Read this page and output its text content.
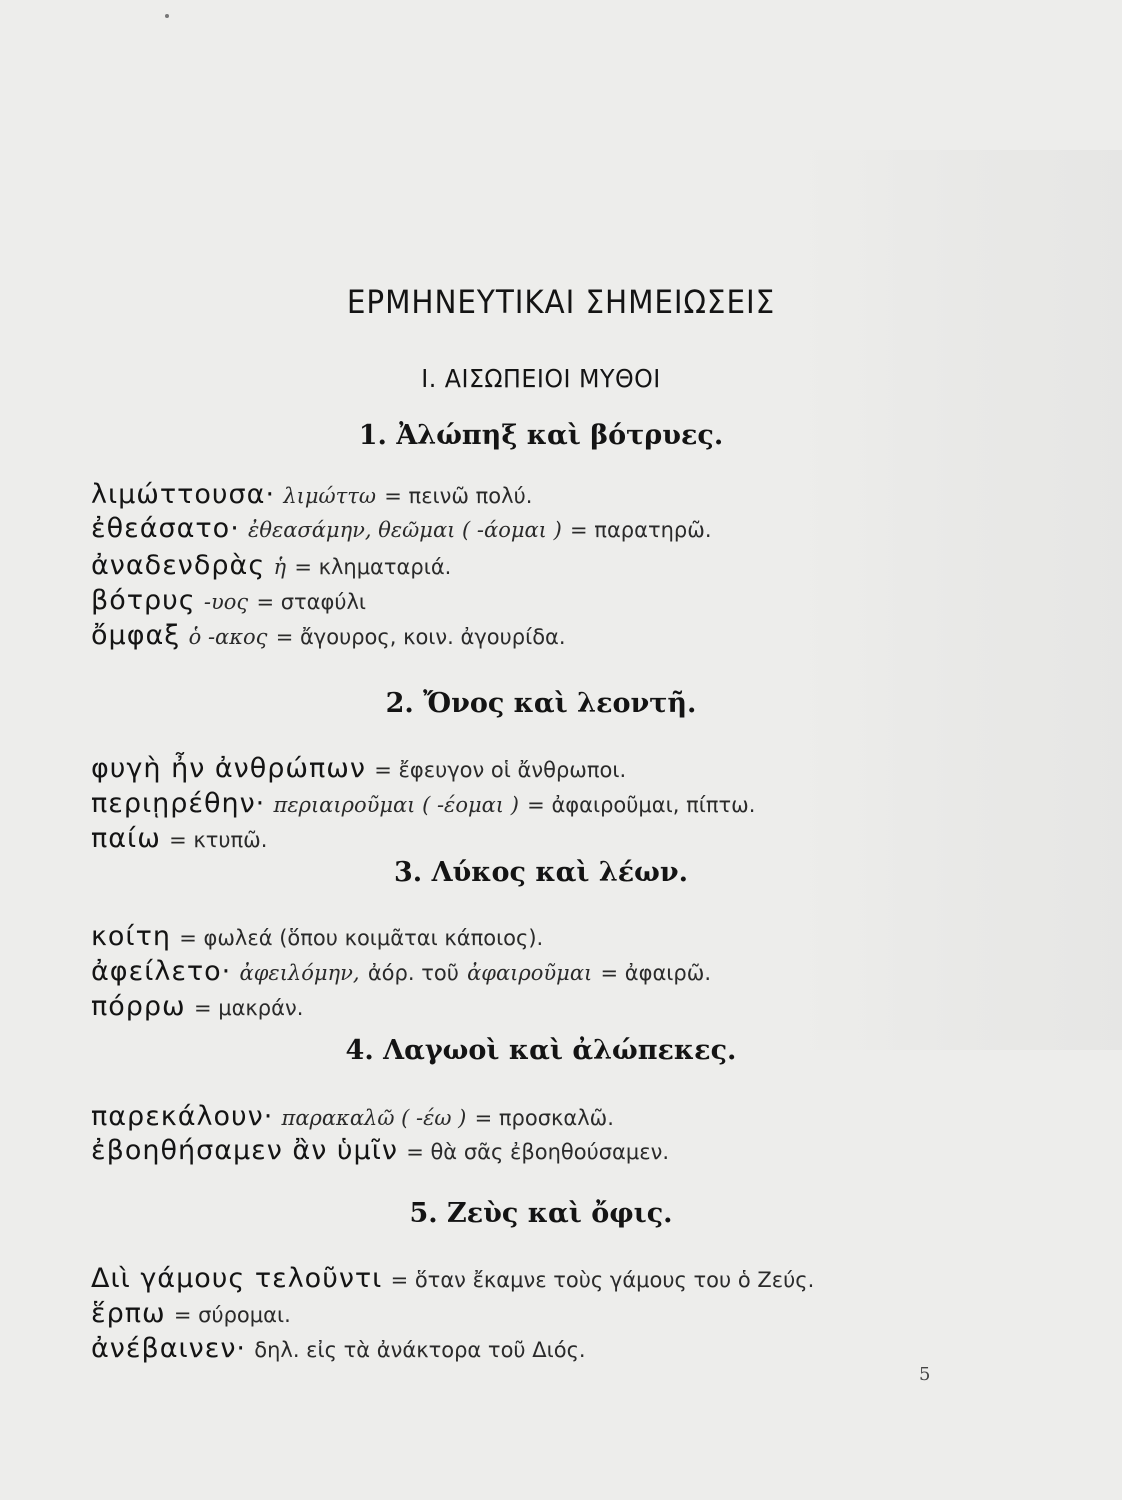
ΕΡΜΗΝΕΥΤΙΚΑΙ ΣΗΜΕΙΩΣΕΙΣ
I. ΑΙΣΩΠΕΙΟΙ ΜΥΘΟΙ
1. Ἀλώπηξ καὶ βότρυες.
λιμώττουσα· λιμώττω = πεινῶ πολύ.
ἐθεάσατο· ἐθεασάμην, θεῶμαι ( -άομαι ) = παρατηρῶ.
ἀναδενδρὰς ἡ = κληματαριά.
βότρυς -υος = σταφύλι
ὄμφαξ ὁ -ακος = ἄγουρος, κοιν. ἀγουρίδα.
2. Ὄνος καὶ λεοντῆ.
φυγὴ ἦν ἀνθρώπων = ἔφευγον οἱ ἄνθρωποι.
περιῃρέθην· περιαιροῦμαι ( -έομαι ) = ἀφαιροῦμαι, πίπτω.
παίω = κτυπῶ.
3. Λύκος καὶ λέων.
κοίτη = φωλεά (ὅπου κοιμᾶται κάποιος).
ἀφείλετο· ἀφειλόμην, ἀόρ. τοῦ ἀφαιροῦμαι = ἀφαιρῶ.
πόρρω = μακράν.
4. Λαγωοὶ καὶ ἀλώπεκες.
παρεκάλουν· παρακαλῶ ( -έω ) = προσκαλῶ.
ἐβοηθήσαμεν ἂν ὑμῖν = θὰ σᾶς ἐβοηθούσαμεν.
5. Ζεὺς καὶ ὄφις.
Διὶ γάμους τελοῦντι = ὅταν ἔκαμνε τοὺς γάμους του ὁ Ζεύς.
ἕρπω = σύρομαι.
ἀνέβαινεν· δηλ. εἰς τὰ ἀνάκτορα τοῦ Διός.
5
